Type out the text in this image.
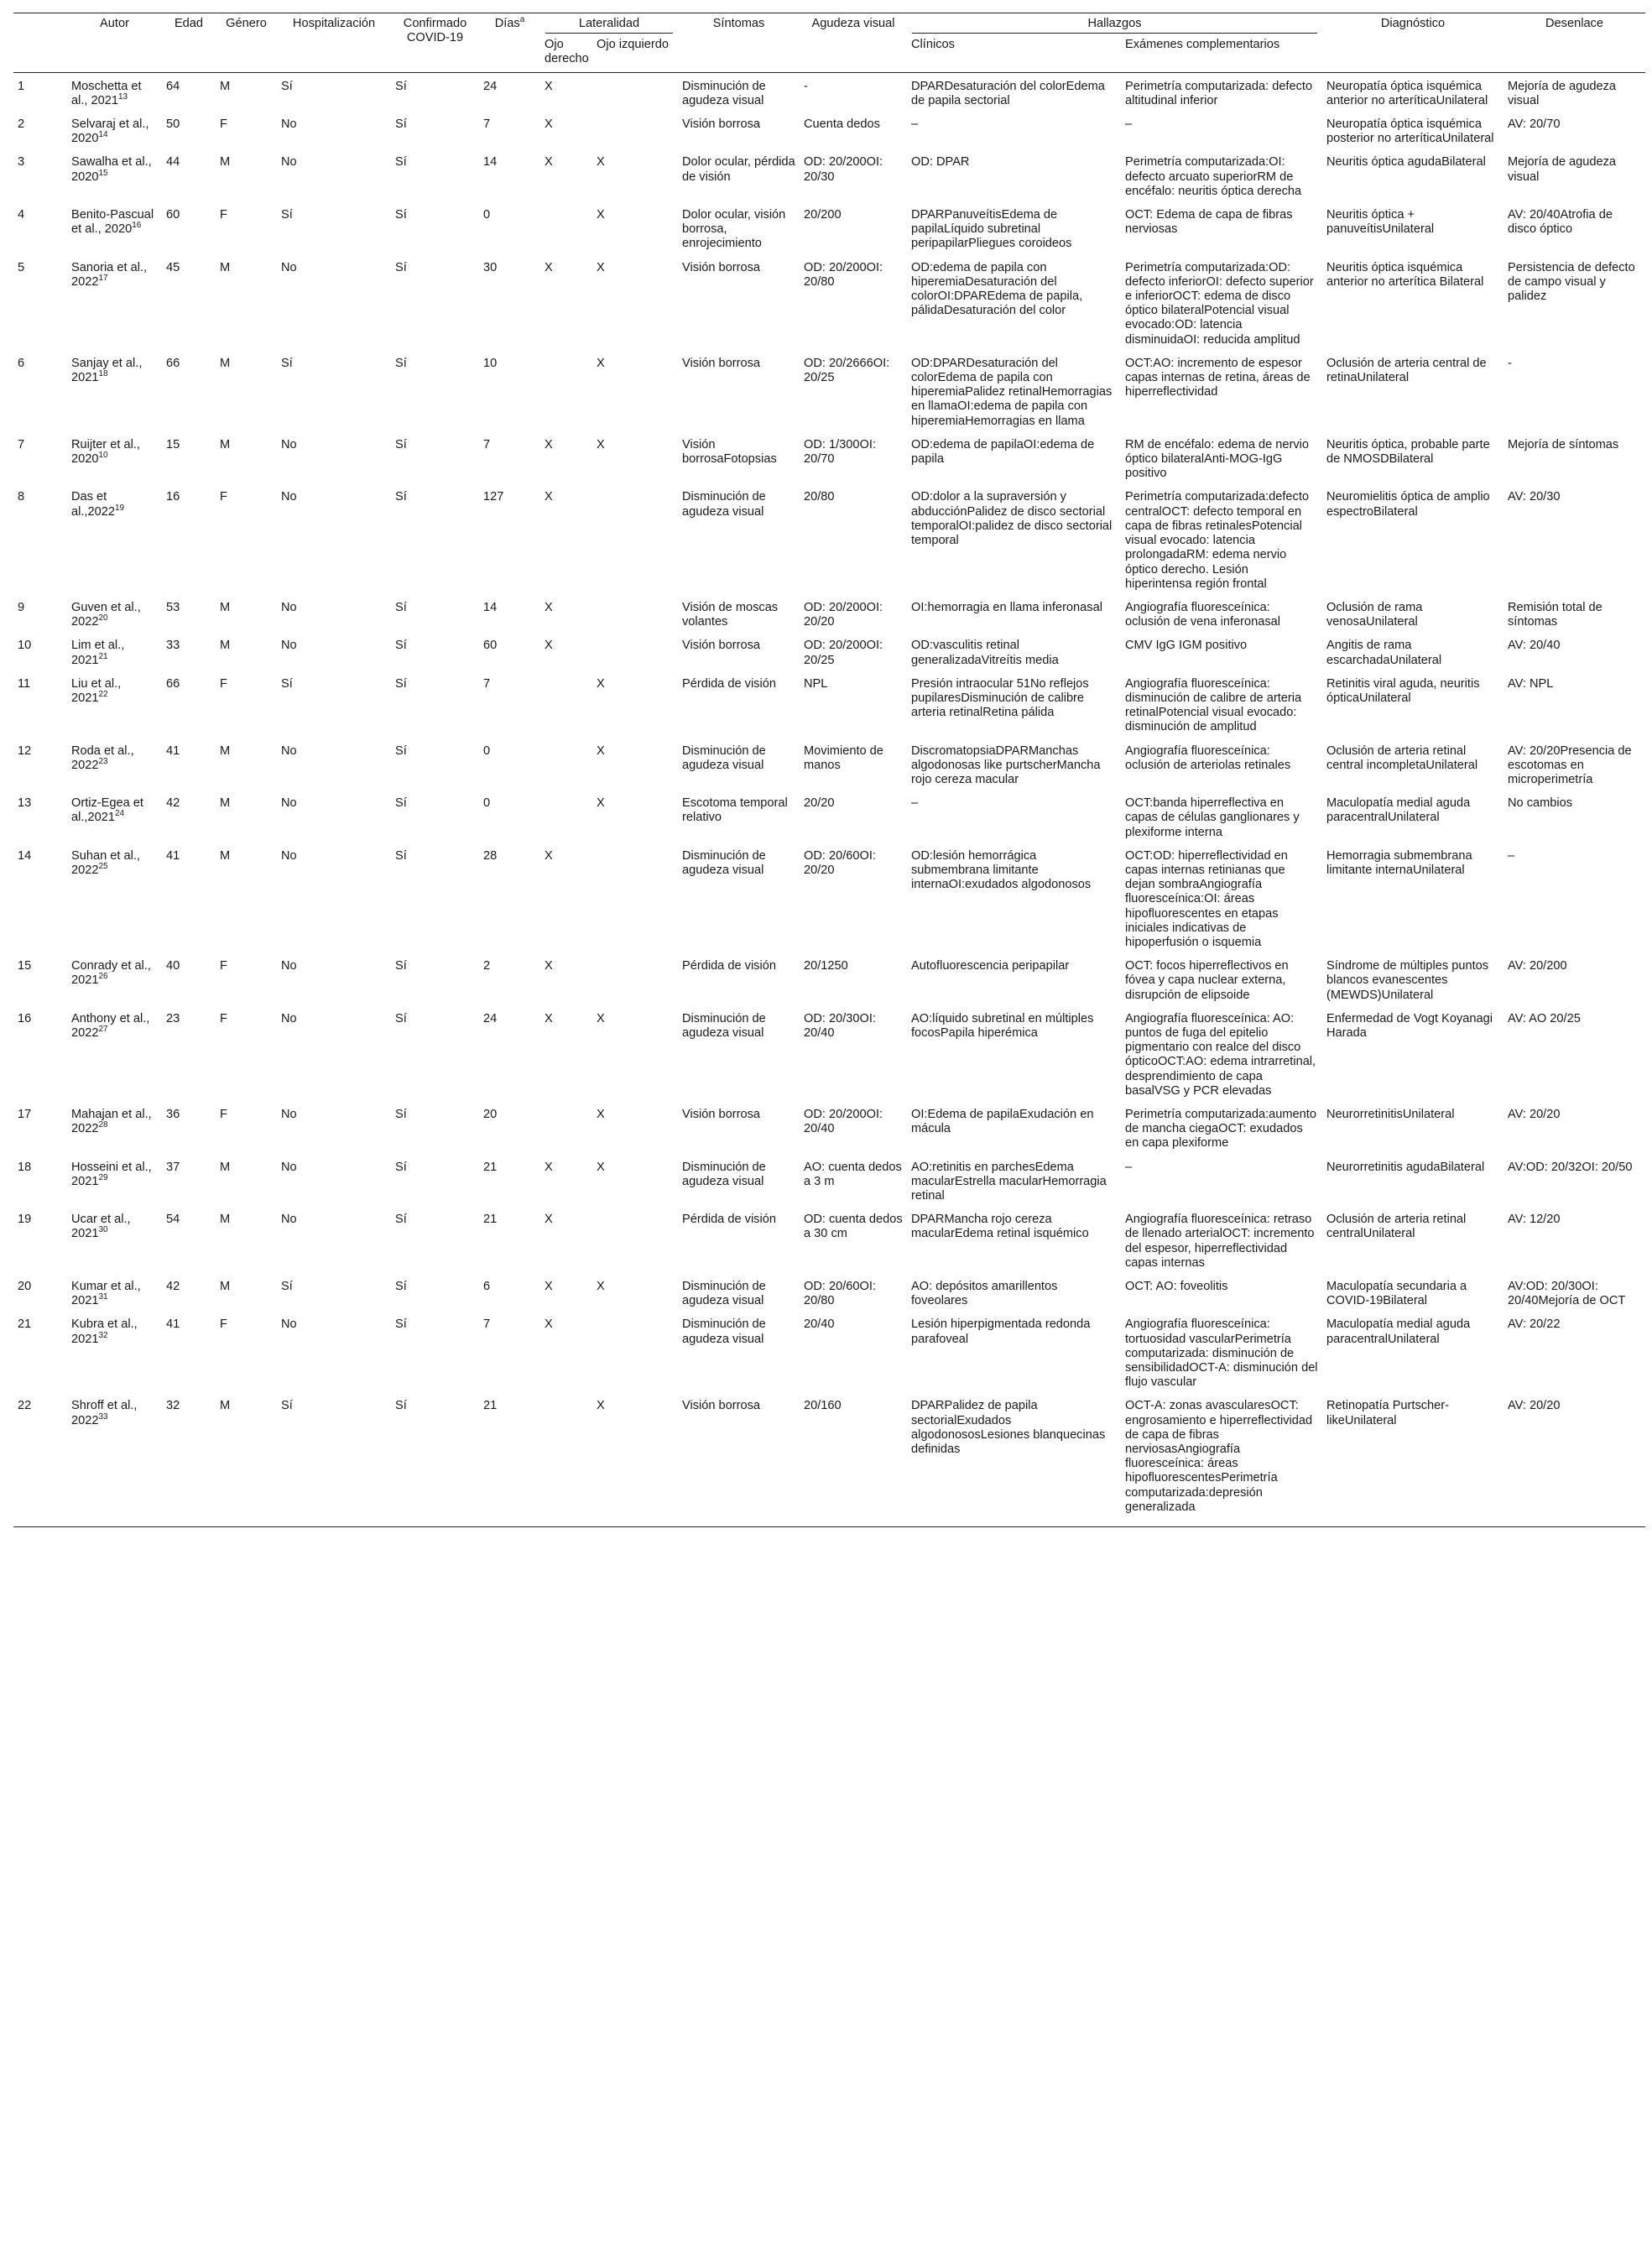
	Autor	Edad	Género	Hospitalización	Confirmado COVID-19	Días$^a$	Lateralidad		Síntomas	Agudeza visual	Hallazgos		Diagnóstico	Desenlace
							Ojo derecho	Ojo izquierdo			Clínicos	Exámenes complementarios		
1	Moschetta et al., 2021$^{13}$	64	M	Sí	Sí	24	X		Disminución de agudeza visual	-	DPARDesaturación del colorEdema de papila sectorial	Perimetría computarizada: defecto altitudinal inferior	Neuropatía óptica isquémica anterior no arteríticaUnilateral	Mejoría de agudeza visual
2	Selvaraj et al., 2020$^{14}$	50	F	No	Sí	7	X		Visión borrosa	Cuenta dedos	–	–	Neuropatía óptica isquémica posterior no arteríticaUnilateral	AV: 20/70
3	Sawalha et al., 2020$^{15}$	44	M	No	Sí	14	X	X	Dolor ocular, pérdida de visión	OD: 20/200OI: 20/30	OD: DPAR	Perimetría computarizada:OI: defecto arcuato superiorRM de encéfalo: neuritis óptica derecha	Neuritis óptica agudaBilateral	Mejoría de agudeza visual
4	Benito-Pascual et al., 2020$^{16}$	60	F	Sí	Sí	0		X	Dolor ocular, visión borrosa, enrojecimiento	20/200	DPARPanuveítisEdema de papilaLíquido subretinal peripapilarPliegues coroideos	OCT: Edema de capa de fibras nerviosas	Neuritis óptica + panuveítisUnilateral	AV: 20/40Atrofia de disco óptico
5	Sanoria et al., 2022$^{17}$	45	M	No	Sí	30	X	X	Visión borrosa	OD: 20/200OI: 20/80	OD:edema de papila con hiperemiaDesaturación del colorOI:DPAREdema de papila, pálidaDesaturación del color	Perimetría computarizada:OD: defecto inferiorOI: defecto superior e inferiorOCT: edema de disco óptico bilateralPotencial visual evocado:OD: latencia disminuidaOI: reducida amplitud	Neuritis óptica isquémica anterior no arterítica Bilateral	Persistencia de defecto de campo visual y palidez
6	Sanjay et al., 2021$^{18}$	66	M	Sí	Sí	10		X	Visión borrosa	OD: 20/2666OI: 20/25	OD:DPARDesaturación del colorEdema de papila con hiperemiaPalidez retinalHemorragias en llamaOI:edema de papila con hiperemiaHemorragias en llama	OCT:AO: incremento de espesor capas internas de retina, áreas de hiperreflectividad	Oclusión de arteria central de retinaUnilateral	-
7	Ruijter et al., 2020$^{10}$	15	M	No	Sí	7	X	X	Visión borrosaFotopsias	OD: 1/300OI: 20/70	OD:edema de papilaOI:edema de papila	RM de encéfalo: edema de nervio óptico bilateralAnti-MOG-IgG positivo	Neuritis óptica, probable parte de NMOSDBilateral	Mejoría de síntomas
8	Das et al.,2022$^{19}$	16	F	No	Sí	127	X		Disminución de agudeza visual	20/80	OD:dolor a la supraversión y abducciónPalidez de disco sectorial temporalOI:palidez de disco sectorial temporal	Perimetría computarizada:defecto centralOCT: defecto temporal en capa de fibras retinalesPotencial visual evocado: latencia prolongadaRM: edema nervio óptico derecho. Lesión hiperintensa región frontal	Neuromielitis óptica de amplio espectroBilateral	AV: 20/30
9	Guven et al., 2022$^{20}$	53	M	No	Sí	14	X		Visión de moscas volantes	OD: 20/200OI: 20/20	OI:hemorragia en llama inferonasal	Angiografía fluoresceínica: oclusión de vena inferonasal	Oclusión de rama venosaUnilateral	Remisión total de síntomas
10	Lim et al., 2021$^{21}$	33	M	No	Sí	60	X		Visión borrosa	OD: 20/200OI: 20/25	OD:vasculitis retinal generalizadaVitreítis media	CMV IgG IGM positivo	Angitis de rama escarchadaUnilateral	AV: 20/40
11	Liu et al., 2021$^{22}$	66	F	Sí	Sí	7		X	Pérdida de visión	NPL	Presión intraocular 51No reflejos pupilaresDisminución de calibre arteria retinalRetina pálida	Angiografía fluoresceínica: disminución de calibre de arteria retinalPotencial visual evocado: disminución de amplitud	Retinitis viral aguda, neuritis ópticaUnilateral	AV: NPL
12	Roda et al., 2022$^{23}$	41	M	No	Sí	0		X	Disminución de agudeza visual	Movimiento de manos	DiscromatopsiaDPARManchas algodonosas like purtscherMancha rojo cereza macular	Angiografía fluoresceínica: oclusión de arteriolas retinales	Oclusión de arteria retinal central incompletaUnilateral	AV: 20/20Presencia de escotomas en microperimetría
13	Ortiz-Egea et al.,2021$^{24}$	42	M	No	Sí	0		X	Escotoma temporal relativo	20/20	–	OCT:banda hiperreflectiva en capas de células ganglionares y plexiforme interna	Maculopatía medial aguda paracentralUnilateral	No cambios
14	Suhan et al., 2022$^{25}$	41	M	No	Sí	28	X		Disminución de agudeza visual	OD: 20/60OI: 20/20	OD:lesión hemorrágica submembrana limitante internaOI:exudados algodonosos	OCT:OD: hiperreflectividad en capas internas retinianas que dejan sombraAngiografía fluoresceínica:OI: áreas hipofluorescentes en etapas iniciales indicativas de hipoperfusión o isquemia	Hemorragia submembrana limitante internaUnilateral	–
15	Conrady et al., 2021$^{26}$	40	F	No	Sí	2	X		Pérdida de visión	20/1250	Autofluorescencia peripapilar	OCT: focos hiperreflectivos en fóvea y capa nuclear externa, disrupción de elipsoide	Síndrome de múltiples puntos blancos evanescentes (MEWDS)Unilateral	AV: 20/200
16	Anthony et al., 2022$^{27}$	23	F	No	Sí	24	X	X	Disminución de agudeza visual	OD: 20/30OI: 20/40	AO:líquido subretinal en múltiples focosPapila hiperémica	Angiografía fluoresceínica: AO: puntos de fuga del epitelio pigmentario con realce del disco ópticoOCT:AO: edema intrarretinal, desprendimiento de capa basalVSG y PCR elevadas	Enfermedad de Vogt Koyanagi Harada	AV: AO 20/25
17	Mahajan et al., 2022$^{28}$	36	F	No	Sí	20		X	Visión borrosa	OD: 20/200OI: 20/40	OI:Edema de papilaExudación en mácula	Perimetría computarizada:aumento de mancha ciegaOCT: exudados en capa plexiforme	NeurorretinitisUnilateral	AV: 20/20
18	Hosseini et al., 2021$^{29}$	37	M	No	Sí	21	X	X	Disminución de agudeza visual	AO: cuenta dedos a 3 m	AO:retinitis en parchesEdema macularEstrella macularHemorragia retinal	–	Neurorretinitis agudaBilateral	AV:OD: 20/32OI: 20/50
19	Ucar et al., 2021$^{30}$	54	M	No	Sí	21	X		Pérdida de visión	OD: cuenta dedos a 30 cm	DPARMancha rojo cereza macularEdema retinal isquémico	Angiografía fluoresceínica: retraso de llenado arterialOCT: incremento del espesor, hiperreflectividad capas internas	Oclusión de arteria retinal centralUnilateral	AV: 12/20
20	Kumar et al., 2021$^{31}$	42	M	Sí	Sí	6	X	X	Disminución de agudeza visual	OD: 20/60OI: 20/80	AO: depósitos amarillentos foveolares	OCT: AO: foveolitis	Maculopatía secundaria a COVID-19Bilateral	AV:OD: 20/30OI: 20/40Mejoría de OCT
21	Kubra et al., 2021$^{32}$	41	F	No	Sí	7	X		Disminución de agudeza visual	20/40	Lesión hiperpigmentada redonda parafoveal	Angiografía fluoresceínica: tortuosidad vascularPerimetría computarizada: disminución de sensibilidadOCT-A: disminución del flujo vascular	Maculopatía medial aguda paracentralUnilateral	AV: 20/22
22	Shroff et al., 2022$^{33}$	32	M	Sí	Sí	21		X	Visión borrosa	20/160	DPARPalidez de papila sectorialExudados algodonososLesiones blanquecinas definidas	OCT-A: zonas avascularesOCT: engrosamiento e hiperreflectividad de capa de fibras nerviosasAngiografía fluoresceínica: áreas hipofluorescentesPerimetría computarizada:depresión generalizada	Retinopatía Purtscher-likeUnilateral	AV: 20/20
